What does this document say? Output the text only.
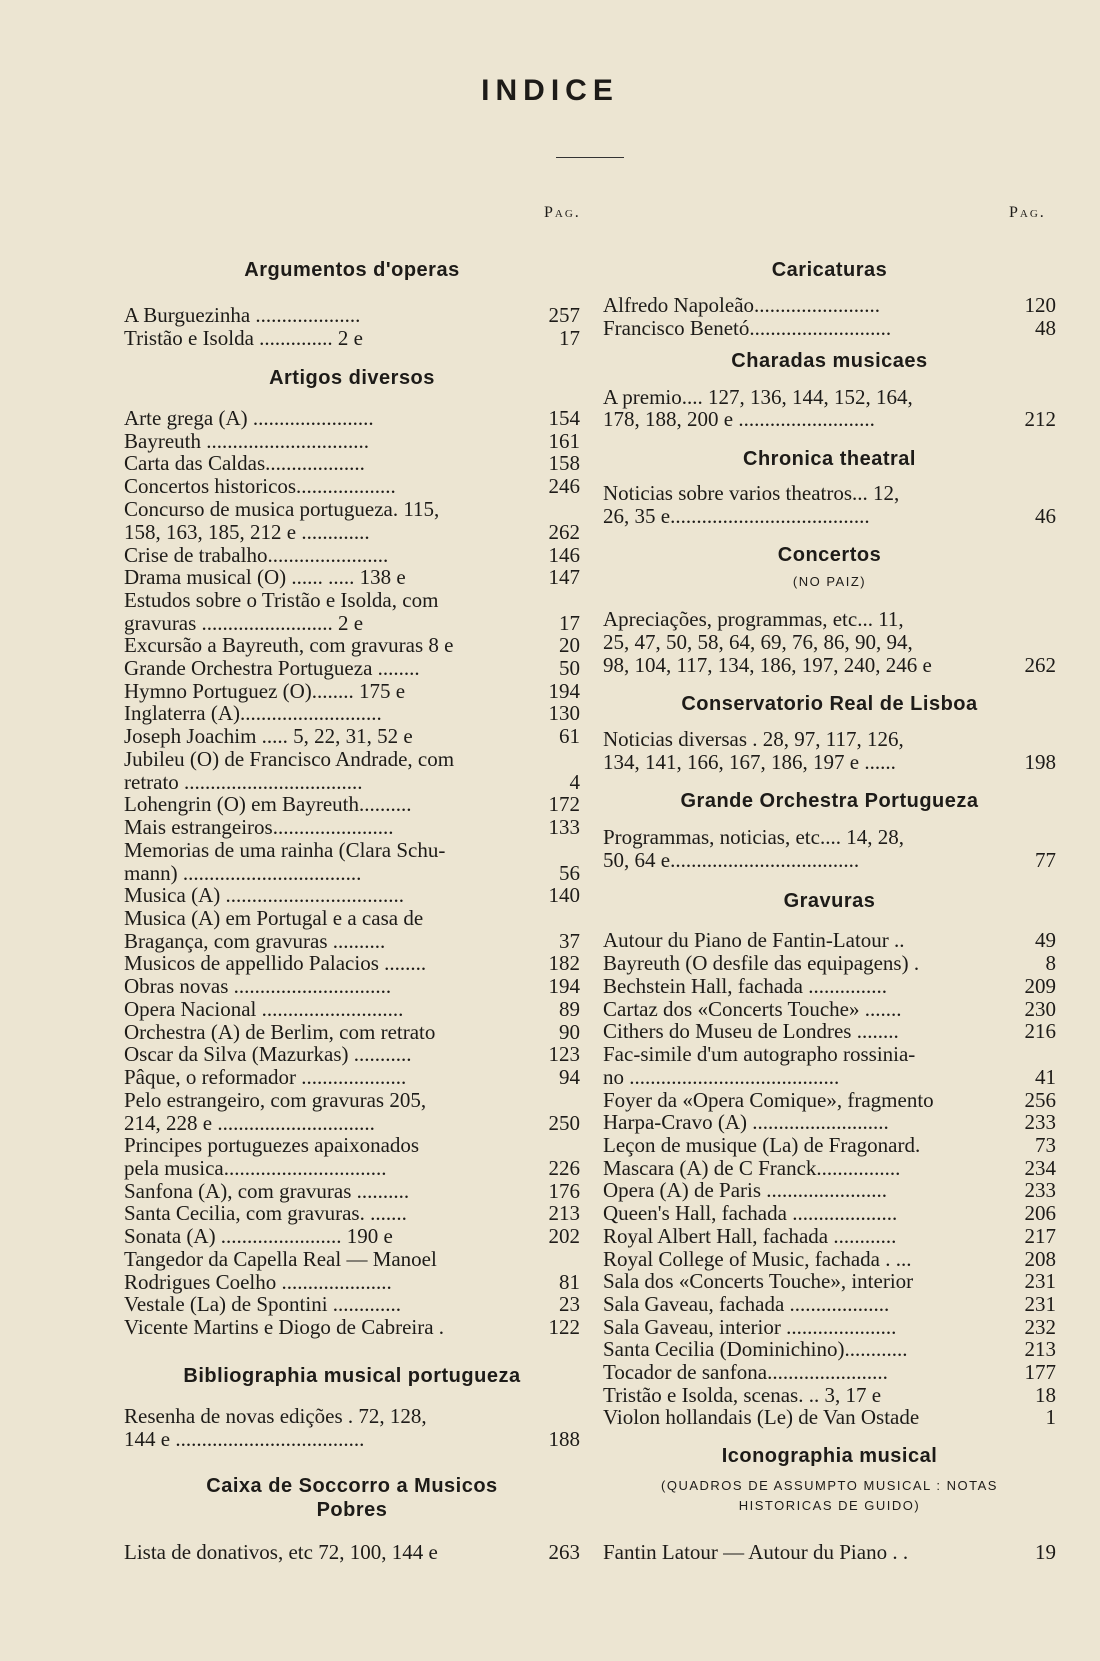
INDICE
Pag.
Argumentos d'operas
A Burguezinha ....................	257
Tristão e Isolda .............. 2 e	17
Artigos diversos
Arte grega (A) .......................	154
Bayreuth ...............................	161
Carta das Caldas...................	158
Concertos historicos...................	246
Concurso de musica portugueza. 115,
158, 163, 185, 212 e .............	262
Crise de trabalho.......................	146
Drama musical (O) ...... ..... 138 e	147
Estudos sobre o Tristão e Isolda, com
gravuras ......................... 2 e	17
Excursão a Bayreuth, com gravuras 8 e	20
Grande Orchestra Portugueza ........	50
Hymno Portuguez (O)........ 175 e	194
Inglaterra (A)...........................	130
Joseph Joachim ..... 5, 22, 31, 52 e	61
Jubileu (O) de Francisco Andrade, com
retrato ..................................	4
Lohengrin (O) em Bayreuth..........	172
Mais estrangeiros.......................	133
Memorias de uma rainha (Clara Schu-
mann) ..................................	56
Musica (A) ..................................	140
Musica (A) em Portugal e a casa de
Bragança, com gravuras ..........	37
Musicos de appellido Palacios ........	182
Obras novas ..............................	194
Opera Nacional ...........................	89
Orchestra (A) de Berlim, com retrato	90
Oscar da Silva (Mazurkas) ...........	123
Pâque, o reformador ....................	94
Pelo estrangeiro, com gravuras 205,
214, 228 e ..............................	250
Principes portuguezes apaixonados
pela musica...............................	226
Sanfona (A), com gravuras ..........	176
Santa Cecilia, com gravuras. .......	213
Sonata (A) ....................... 190 e	202
Tangedor da Capella Real — Manoel
Rodrigues Coelho .....................	81
Vestale (La) de Spontini .............	23
Vicente Martins e Diogo de Cabreira .	122
Bibliographia musical portugueza
Resenha de novas edições . 72, 128,
144 e ....................................	188
Caixa de Soccorro a Musicos
Pobres
Lista de donativos, etc 72, 100, 144 e	263
Pag.
Caricaturas
Alfredo Napoleão........................	120
Francisco Benetó...........................	48
Charadas musicaes
A premio.... 127, 136, 144, 152, 164,
178, 188, 200 e ..........................	212
Chronica theatral
Noticias sobre varios theatros... 12,
26, 35 e......................................	46
Concertos
(NO PAIZ)
Apreciações, programmas, etc... 11,
25, 47, 50, 58, 64, 69, 76, 86, 90, 94,
98, 104, 117, 134, 186, 197, 240, 246 e	262
Conservatorio Real de Lisboa
Noticias diversas . 28, 97, 117, 126,
134, 141, 166, 167, 186, 197 e ......	198
Grande Orchestra Portugueza
Programmas, noticias, etc.... 14, 28,
50, 64 e....................................	77
Gravuras
Autour du Piano de Fantin-Latour ..	49
Bayreuth (O desfile das equipagens) .	8
Bechstein Hall, fachada ...............	209
Cartaz dos «Concerts Touche» .......	230
Cithers do Museu de Londres ........	216
Fac-simile d'um autographo rossinia-
no ........................................	41
Foyer da «Opera Comique», fragmento	256
Harpa-Cravo (A) ..........................	233
Leçon de musique (La) de Fragonard.	73
Mascara (A) de C Franck................	234
Opera (A) de Paris .......................	233
Queen's Hall, fachada ....................	206
Royal Albert Hall, fachada ............	217
Royal College of Music, fachada . ...	208
Sala dos «Concerts Touche», interior	231
Sala Gaveau, fachada ...................	231
Sala Gaveau, interior .....................	232
Santa Cecilia (Dominichino)............	213
Tocador de sanfona.......................	177
Tristão e Isolda, scenas. .. 3, 17 e	18
Violon hollandais (Le) de Van Ostade	1
Iconographia musical
(QUADROS DE ASSUMPTO MUSICAL : NOTAS
HISTORICAS DE GUIDO)
Fantin Latour — Autour du Piano . .	19
